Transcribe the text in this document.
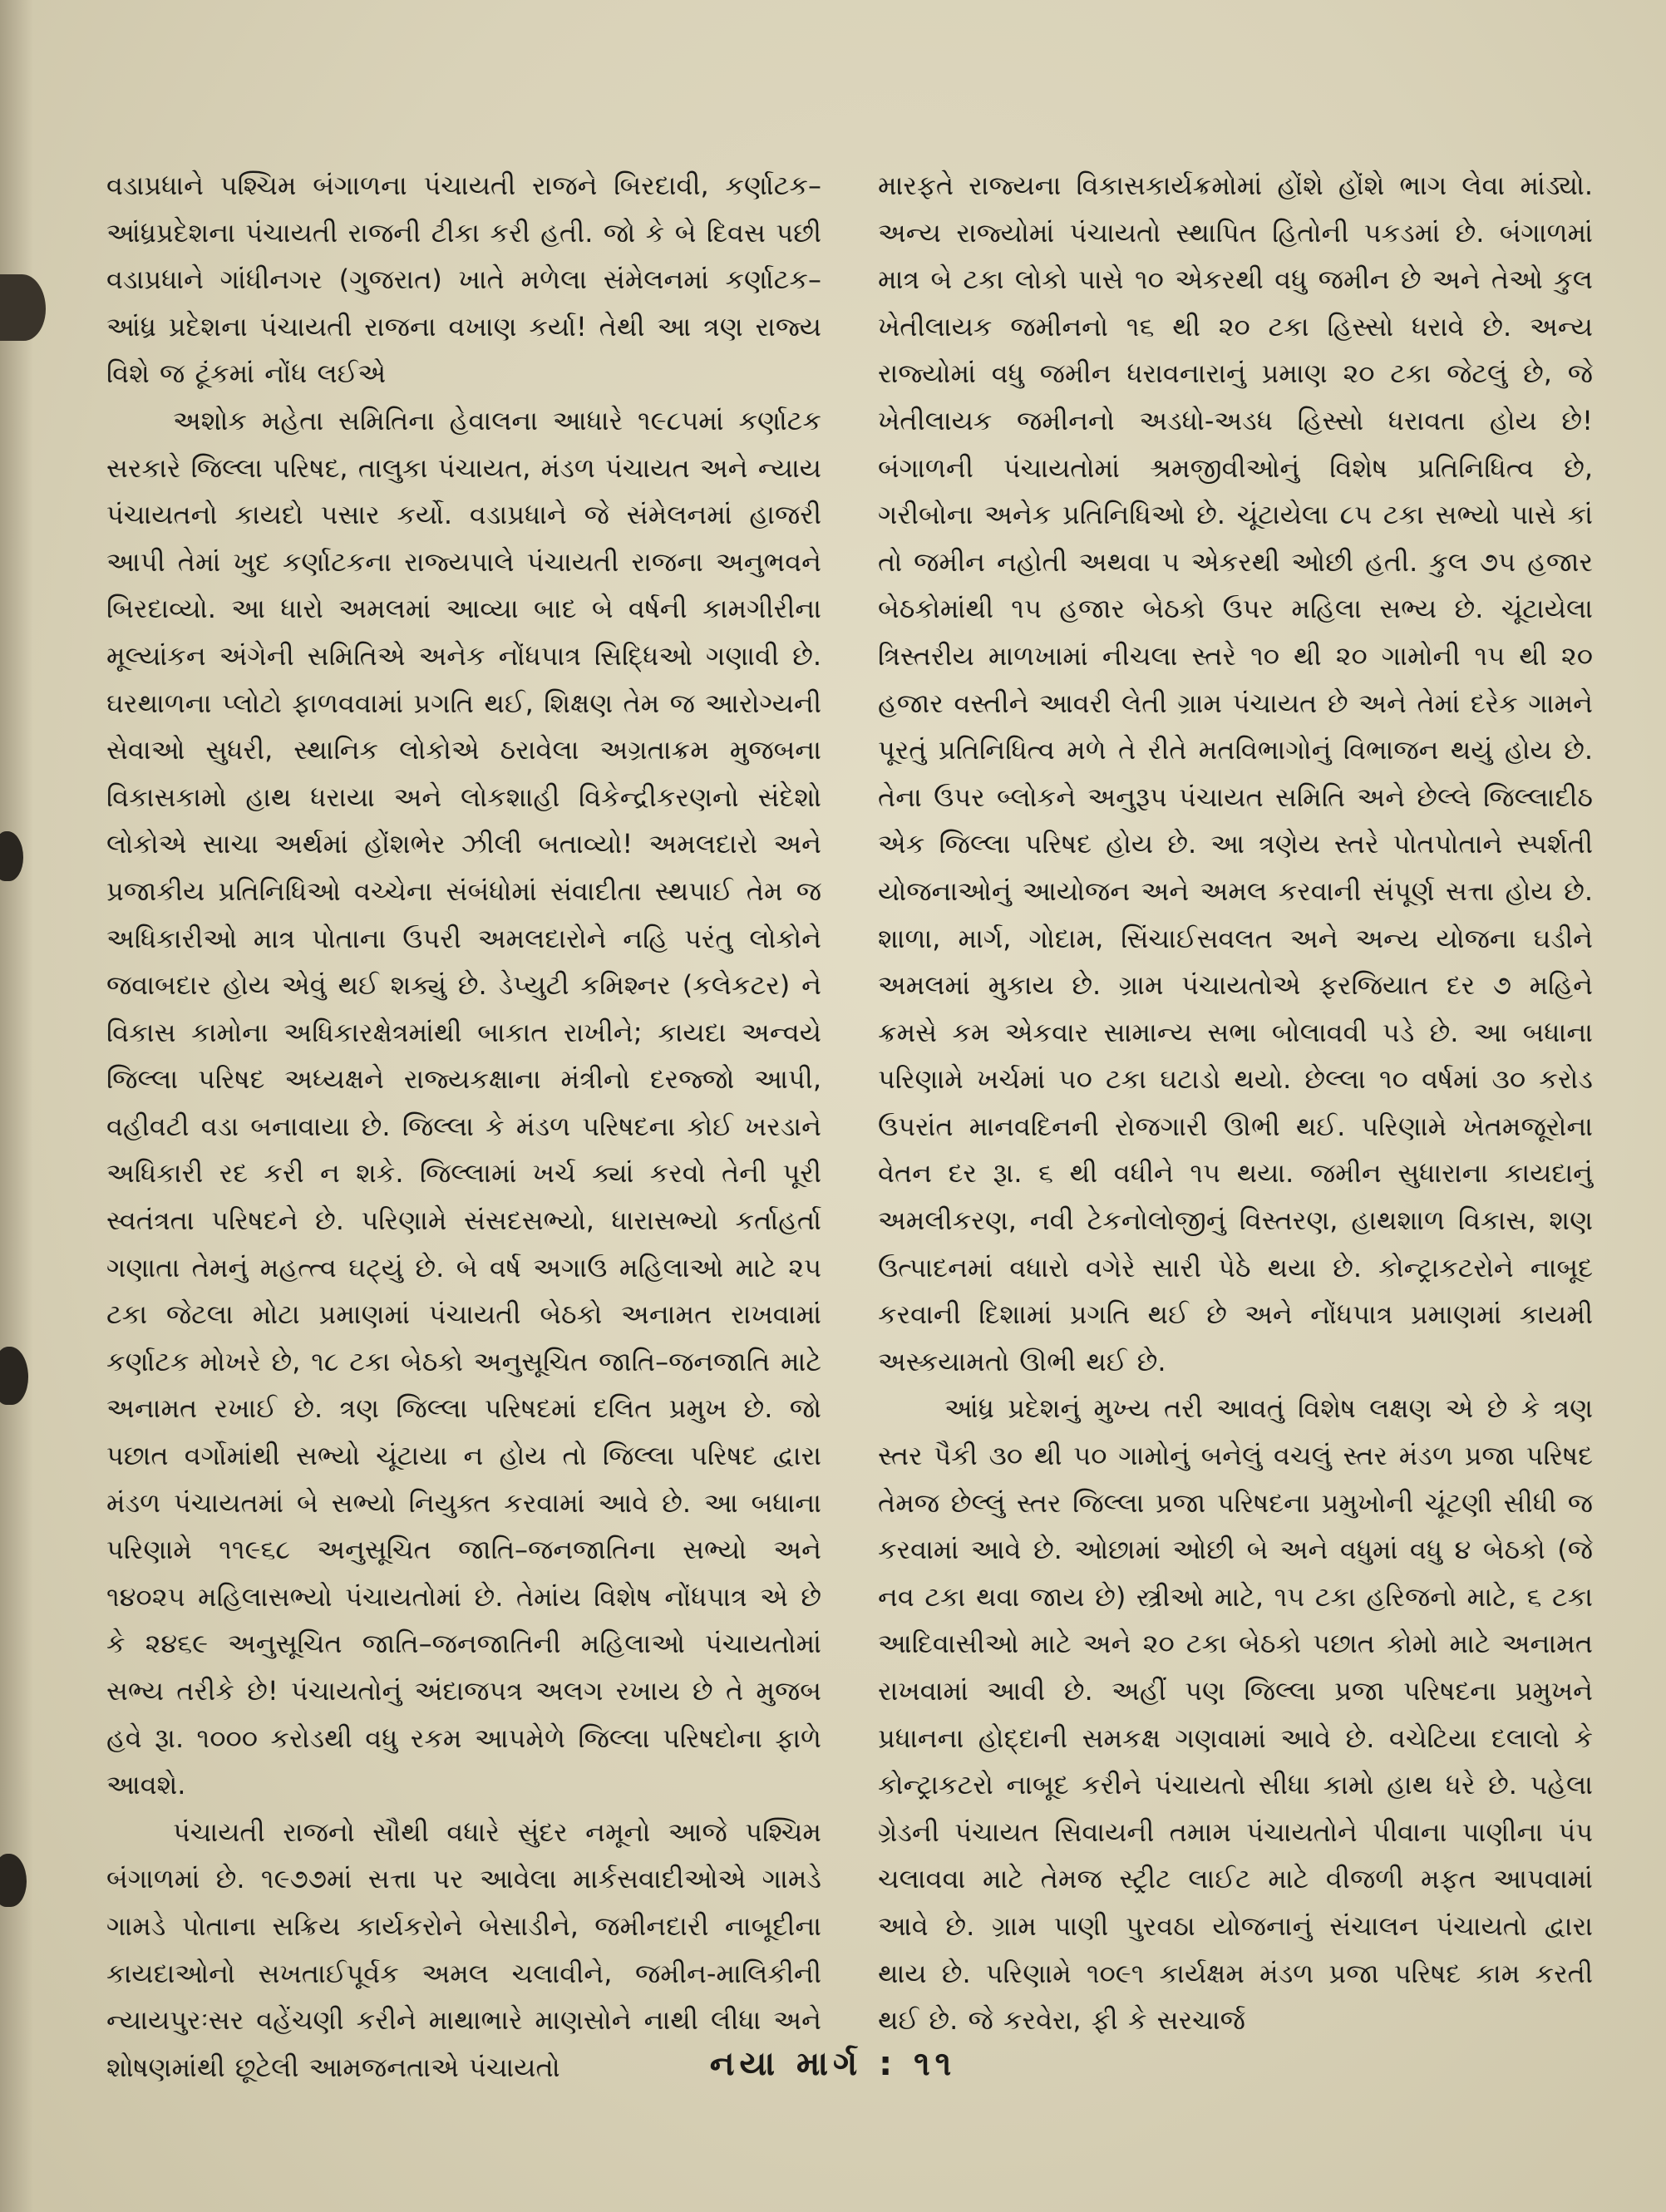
વડાપ્રધાને પશ્ચિમ બંગાળના પંચાયતી રાજને બિરદાવી, કર્ણાટક–આંધ્રપ્રદેશના પંચાયતી રાજની ટીકા કરી હતી. જો કે બે દિવસ પછી વડાપ્રધાને ગાંધીનગર (ગુજરાત) ખાતે મળેલા સંમેલનમાં કર્ણાટક–આંધ્ર પ્રદેશના પંચાયતી રાજના વખાણ કર્યા! તેથી આ ત્રણ રાજ્ય વિશે જ ટૂંકમાં નોંધ લઈએ

અશોક મહેતા સમિતિના હેવાલના આધારે ૧૯૮૫માં કર્ણાટક સરકારે જિલ્લા પરિષદ, તાલુકા પંચાયત, મંડળ પંચાયત અને ન્યાય પંચાયતનો કાયદો પસાર કર્યો. વડાપ્રધાને જે સંમેલનમાં હાજરી આપી તેમાં ખુદ કર્ણાટકના રાજ્યપાલે પંચાયતી રાજના અનુભવને બિરદાવ્યો. આ ધારો અમલમાં આવ્યા બાદ બે વર્ષની કામગીરીના મૂલ્યાંકન અંગેની સમિતિએ અનેક નોંધપાત્ર સિદ્ધિઓ ગણાવી છે. ઘરથાળના પ્લોટો ફાળવવામાં પ્રગતિ થઈ, શિક્ષણ તેમ જ આરોગ્યની સેવાઓ સુધરી, સ્થાનિક લોકોએ ઠરાવેલા અગ્રતાક્રમ મુજબના વિકાસકામો હાથ ધરાયા અને લોકશાહી વિકેન્દ્રીકરણનો સંદેશો લોકોએ સાચા અર્થમાં હોંશભેર ઝીલી બતાવ્યો! અમલદારો અને પ્રજાકીય પ્રતિનિધિઓ વચ્ચેના સંબંધોમાં સંવાદીતા સ્થપાઈ તેમ જ અધિકારીઓ માત્ર પોતાના ઉપરી અમલદારોને નહિ પરંતુ લોકોને જવાબદાર હોય એવું થઈ શક્યું છે. ડેપ્યુટી કમિશ્નર (કલેકટર) ને વિકાસ કામોના અધિકારક્ષેત્રમાંથી બાકાત રાખીને; કાયદા અન્વયે જિલ્લા પરિષદ અધ્યક્ષને રાજ્યકક્ષાના મંત્રીનો દરજ્જો આપી, વહીવટી વડા બનાવાયા છે. જિલ્લા કે મંડળ પરિષદના કોઈ ખરડાને અધિકારી રદ કરી ન શકે. જિલ્લામાં ખર્ચ ક્યાં કરવો તેની પૂરી સ્વતંત્રતા પરિષદને છે. પરિણામે સંસદસભ્યો, ધારાસભ્યો કર્તાહર્તા ગણાતા તેમનું મહત્ત્વ ઘટ્યું છે. બે વર્ષ અગાઉ મહિલાઓ માટે ૨૫ ટકા જેટલા મોટા પ્રમાણમાં પંચાયતી બેઠકો અનામત રાખવામાં કર્ણાટક મોખરે છે, ૧૮ ટકા બેઠકો અનુસૂચિત જાતિ–જનજાતિ માટે અનામત રખાઈ છે. ત્રણ જિલ્લા પરિષદમાં દલિત પ્રમુખ છે. જો પછાત વર્ગોમાંથી સભ્યો ચૂંટાયા ન હોય તો જિલ્લા પરિષદ દ્વારા મંડળ પંચાયતમાં બે સભ્યો નિયુક્ત કરવામાં આવે છે. આ બધાના પરિણામે ૧૧૯૬૮ અનુસૂચિત જાતિ–જનજાતિના સભ્યો અને ૧૪૦૨૫ મહિલાસભ્યો પંચાયતોમાં છે. તેમાંય વિશેષ નોંધપાત્ર એ છે કે ૨૪૬૯ અનુસૂચિત જાતિ–જનજાતિની મહિલાઓ પંચાયતોમાં સભ્ય તરીકે છે! પંચાયતોનું અંદાજપત્ર અલગ રખાય છે તે મુજબ હવે રૂા. ૧૦૦૦ કરોડથી વધુ રકમ આપમેળે જિલ્લા પરિષદોના ફાળે આવશે.

પંચાયતી રાજનો સૌથી વધારે સુંદર નમૂનો આજે પશ્ચિમ બંગાળમાં છે. ૧૯૭૭માં સત્તા પર આવેલા માર્કસવાદીઓએ ગામડે ગામડે પોતાના સક્રિય કાર્યકરોને બેસાડીને, જમીનદારી નાબૂદીના કાયદાઓનો સખતાઈપૂર્વક અમલ ચલાવીને, જમીન-માલિકીની ન્યાયપુરઃસર વહેંચણી કરીને માથાભારે માણસોને નાથી લીધા અને શોષણમાંથી છૂટેલી આમજનતાએ પંચાયતો

મારફતે રાજ્યના વિકાસકાર્યક્રમોમાં હોંશે હોંશે ભાગ લેવા માંડ્યો. અન્ય રાજ્યોમાં પંચાયતો સ્થાપિત હિતોની પકડમાં છે. બંગાળમાં માત્ર બે ટકા લોકો પાસે ૧૦ એકરથી વધુ જમીન છે અને તેઓ કુલ ખેતીલાયક જમીનનો ૧૬ થી ૨૦ ટકા હિસ્સો ધરાવે છે. અન્ય રાજ્યોમાં વધુ જમીન ધરાવનારાનું પ્રમાણ ૨૦ ટકા જેટલું છે, જે ખેતીલાયક જમીનનો અડધો-અડધ હિસ્સો ધરાવતા હોય છે! બંગાળની પંચાયતોમાં શ્રમજીવીઓનું વિશેષ પ્રતિનિધિત્વ છે, ગરીબોના અનેક પ્રતિનિધિઓ છે. ચૂંટાયેલા ૮૫ ટકા સભ્યો પાસે કાં તો જમીન નહોતી અથવા ૫ એકરથી ઓછી હતી. કુલ ૭૫ હજાર બેઠકોમાંથી ૧૫ હજાર બેઠકો ઉપર મહિલા સભ્ય છે. ચૂંટાયેલા ત્રિસ્તરીય માળખામાં નીચલા સ્તરે ૧૦ થી ૨૦ ગામોની ૧૫ થી ૨૦ હજાર વસ્તીને આવરી લેતી ગ્રામ પંચાયત છે અને તેમાં દરેક ગામને પૂરતું પ્રતિનિધિત્વ મળે તે રીતે મતવિભાગોનું વિભાજન થયું હોય છે. તેના ઉપર બ્લોકને અનુરૂપ પંચાયત સમિતિ અને છેલ્લે જિલ્લાદીઠ એક જિલ્લા પરિષદ હોય છે. આ ત્રણેય સ્તરે પોતપોતાને સ્પર્શતી યોજનાઓનું આયોજન અને અમલ કરવાની સંપૂર્ણ સત્તા હોય છે. શાળા, માર્ગ, ગોદામ, સિંચાઈસવલત અને અન્ય યોજના ઘડીને અમલમાં મુકાય છે. ગ્રામ પંચાયતોએ ફરજિયાત દર ૭ મહિને ક્રમસે કમ એકવાર સામાન્ય સભા બોલાવવી પડે છે. આ બધાના પરિણામે ખર્ચમાં ૫૦ ટકા ઘટાડો થયો. છેલ્લા ૧૦ વર્ષમાં ૩૦ કરોડ ઉપરાંત માનવદિનની રોજગારી ઊભી થઈ. પરિણામે ખેતમજૂરોના વેતન દર રૂા. ૬ થી વધીને ૧૫ થયા. જમીન સુધારાના કાયદાનું અમલીકરણ, નવી ટેકનોલોજીનું વિસ્તરણ, હાથશાળ વિકાસ, શણ ઉત્પાદનમાં વધારો વગેરે સારી પેઠે થયા છે. કોન્ટ્રાકટરોને નાબૂદ કરવાની દિશામાં પ્રગતિ થઈ છે અને નોંધપાત્ર પ્રમાણમાં કાયમી અસ્કયામતો ઊભી થઈ છે.

આંધ્ર પ્રદેશનું મુખ્ય તરી આવતું વિશેષ લક્ષણ એ છે કે ત્રણ સ્તર પૈકી ૩૦ થી ૫૦ ગામોનું બનેલું વચલું સ્તર મંડળ પ્રજા પરિષદ તેમજ છેલ્લું સ્તર જિલ્લા પ્રજા પરિષદના પ્રમુખોની ચૂંટણી સીધી જ કરવામાં આવે છે. ઓછામાં ઓછી બે અને વધુમાં વધુ ૪ બેઠકો (જે નવ ટકા થવા જાય છે) સ્ત્રીઓ માટે, ૧૫ ટકા હરિજનો માટે, ૬ ટકા આદિવાસીઓ માટે અને ૨૦ ટકા બેઠકો પછાત કોમો માટે અનામત રાખવામાં આવી છે. અહીં પણ જિલ્લા પ્રજા પરિષદના પ્રમુખને પ્રધાનના હોદ્દાની સમકક્ષ ગણવામાં આવે છે. વચેટિયા દલાલો કે કોન્ટ્રાકટરો નાબૂદ કરીને પંચાયતો સીધા કામો હાથ ધરે છે. પહેલા ગ્રેડની પંચાયત સિવાયની તમામ પંચાયતોને પીવાના પાણીના પંપ ચલાવવા માટે તેમજ સ્ટ્રીટ લાઈટ માટે વીજળી મફત આપવામાં આવે છે. ગ્રામ પાણી પુરવઠા યોજનાનું સંચાલન પંચાયતો દ્વારા થાય છે. પરિણામે ૧૦૯૧ કાર્યક્ષમ મંડળ પ્રજા પરિષદ કામ કરતી થઈ છે. જે કરવેરા, ફી કે સરચાર્જ

નયા માર્ગ : ૧૧
